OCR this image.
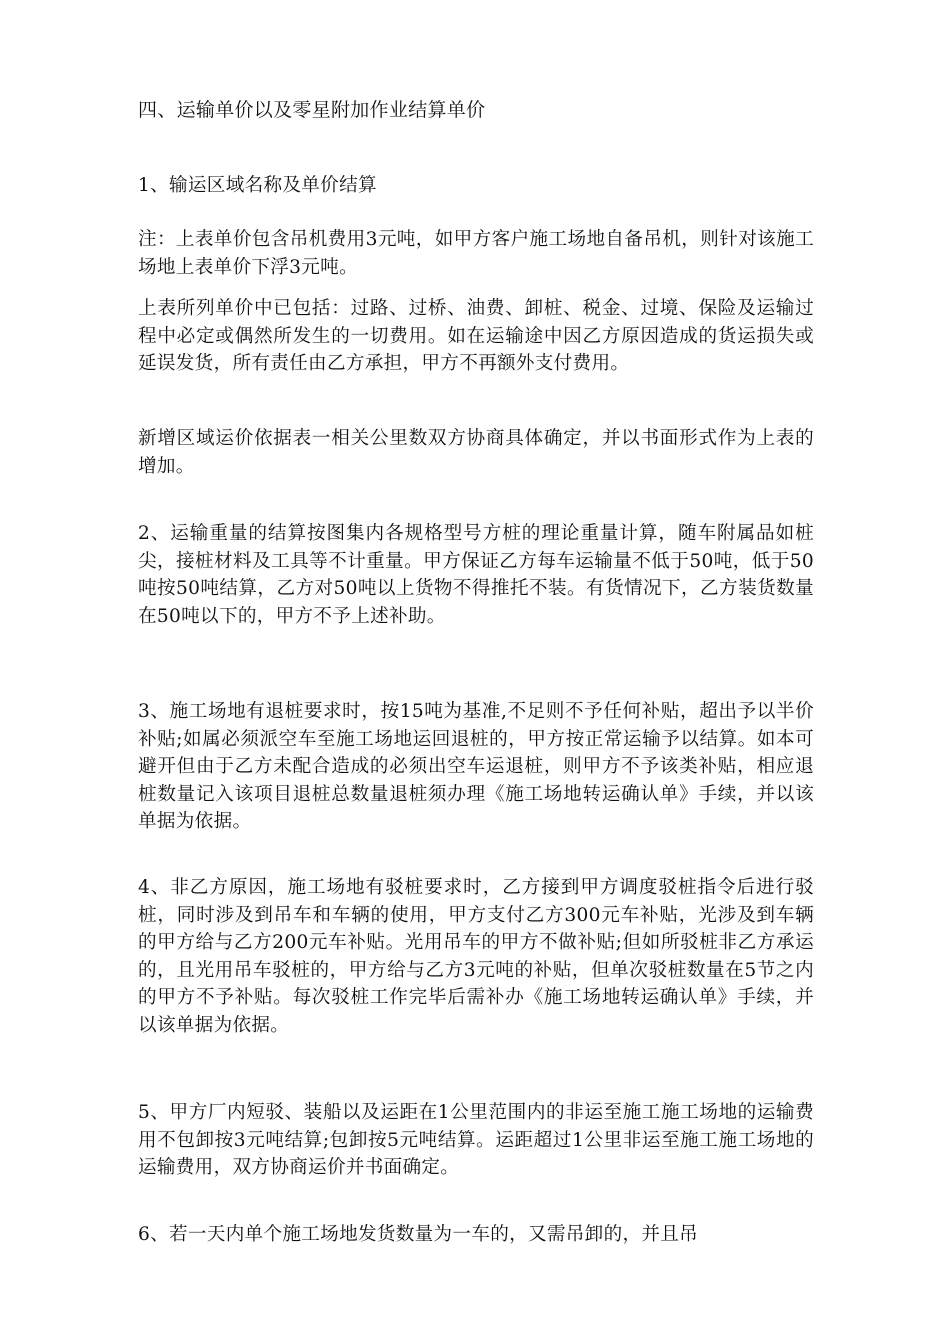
四、运输单价以及零星附加作业结算单价

1、输运区域名称及单价结算

注：上表单价包含吊机费用3元吨，如甲方客户施工场地自备吊机，则针对该施工场地上表单价下浮3元吨。

上表所列单价中已包括：过路、过桥、油费、卸桩、税金、过境、保险及运输过程中必定或偶然所发生的一切费用。如在运输途中因乙方原因造成的货运损失或延误发货，所有责任由乙方承担，甲方不再额外支付费用。

新增区域运价依据表一相关公里数双方协商具体确定，并以书面形式作为上表的增加。

2、运输重量的结算按图集内各规格型号方桩的理论重量计算，随车附属品如桩尖，接桩材料及工具等不计重量。甲方保证乙方每车运输量不低于50吨，低于50吨按50吨结算，乙方对50吨以上货物不得推托不装。有货情况下，乙方装货数量在50吨以下的，甲方不予上述补助。

3、施工场地有退桩要求时，按15吨为基准,不足则不予任何补贴，超出予以半价补贴;如属必须派空车至施工场地运回退桩的，甲方按正常运输予以结算。如本可避开但由于乙方未配合造成的必须出空车运退桩，则甲方不予该类补贴，相应退桩数量记入该项目退桩总数量退桩须办理《施工场地转运确认单》手续，并以该单据为依据。

4、非乙方原因，施工场地有驳桩要求时，乙方接到甲方调度驳桩指令后进行驳桩，同时涉及到吊车和车辆的使用，甲方支付乙方300元车补贴，光涉及到车辆的甲方给与乙方200元车补贴。光用吊车的甲方不做补贴;但如所驳桩非乙方承运的，且光用吊车驳桩的，甲方给与乙方3元吨的补贴，但单次驳桩数量在5节之内的甲方不予补贴。每次驳桩工作完毕后需补办《施工场地转运确认单》手续，并以该单据为依据。

5、甲方厂内短驳、装船以及运距在1公里范围内的非运至施工施工场地的运输费用不包卸按3元吨结算;包卸按5元吨结算。运距超过1公里非运至施工施工场地的运输费用，双方协商运价并书面确定。

6、若一天内单个施工场地发货数量为一车的，又需吊卸的，并且吊
